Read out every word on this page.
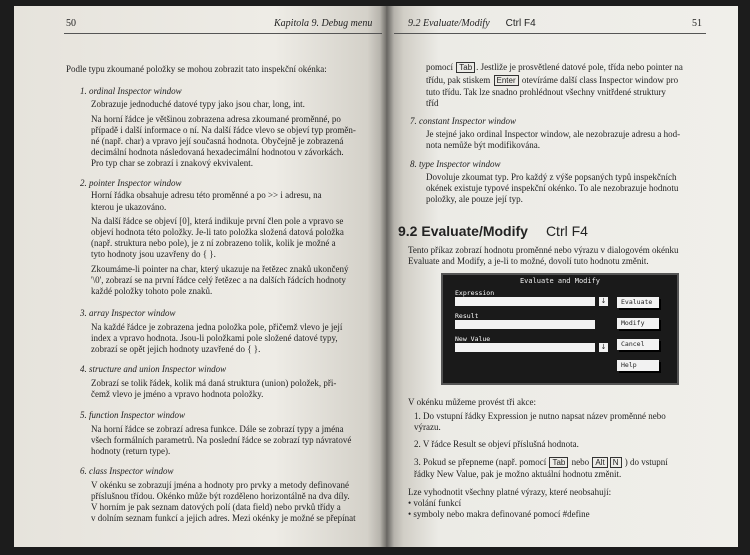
50	Kapitola 9. Debug menu
Podle typu zkoumané položky se mohou zobrazit tato inspekční okénka:
1. ordinal Inspector window
Zobrazuje jednoduché datové typy jako jsou char, long, int.
Na horní řádce je většinou zobrazena adresa zkoumané proměnné, po
případě i další informace o ní. Na další řádce vlevo se objeví typ proměn-
né (např. char) a vpravo její současná hodnota. Obyčejně je zobrazená
decimální hodnota následovaná hexadecimální hodnotou v závorkách.
Pro typ char se zobrazí i znakový ekvivalent.
2. pointer Inspector window
Horní řádka obsahuje adresu této proměnné a po >> i adresu, na
kterou je ukazováno.
Na další řádce se objeví [0], která indikuje první člen pole a vpravo se
objeví hodnota této položky. Je-li tato položka složená datová položka
(např. struktura nebo pole), je z ní zobrazeno tolik, kolik je možné a
tyto hodnoty jsou uzavřeny do { }.
Zkoumáme-li pointer na char, který ukazuje na řetězec znaků ukončený
'\0', zobrazí se na první řádce celý řetězec a na dalších řádcích hodnoty
každé položky tohoto pole znaků.
3. array Inspector window
Na každé řádce je zobrazena jedna položka pole, přičemž vlevo je její
index a vpravo hodnota. Jsou-li položkami pole složené datové typy,
zobrazí se opět jejich hodnoty uzavřené do { }.
4. structure and union Inspector window
Zobrazí se tolik řádek, kolik má daná struktura (union) položek, při-
čemž vlevo je jméno a vpravo hodnota položky.
5. function Inspector window
Na horní řádce se zobrazí adresa funkce. Dále se zobrazí typy a jména
všech formálních parametrů. Na poslední řádce se zobrazí typ návratové
hodnoty (return type).
6. class Inspector window
V okénku se zobrazují jména a hodnoty pro prvky a metody definované
příslušnou třídou. Okénko může být rozděleno horizontálně na dva díly.
V horním je pak seznam datových polí (data field) nebo prvků třídy a
v dolním seznam funkcí a jejich adres. Mezi okénky je možné se přepínat
9.2 Evaluate/Modify Ctrl F4	51
pomocí Tab . Jestliže je prosvětlené datové pole, třída nebo pointer na
třídu, pak stiskem Enter otevíráme další class Inspector window pro
tuto třídu. Tak lze snadno prohlédnout všechny vnitřdené struktury
tříd
7. constant Inspector window
Je stejné jako ordinal Inspector window, ale nezobrazuje adresu a hod-
nota nemůže být modifikována.
8. type Inspector window
Dovoluje zkoumat typ. Pro každý z výše popsaných typů inspekčních
okének existuje typové inspekční okénko. To ale nezobrazuje hodnotu
položky, ale pouze její typ.
9.2 Evaluate/Modify Ctrl F4
Tento příkaz zobrazí hodnotu proměnné nebo výrazu v dialogovém okénku
Evaluate and Modify, a je-li to možné, dovolí tuto hodnotu změnit.
Evaluate and Modify
Expression
↓
Result
New Value
↓
Evaluate
Modify
Cancel
Help
V okénku můžeme provést tři akce:
1. Do vstupní řádky Expression je nutno napsat název proměnné nebo
výrazu.
2. V řádce Result se objeví příslušná hodnota.
3. Pokud se přepneme (např. pomocí Tab nebo Alt N ) do vstupní
řádky New Value, pak je možno aktuální hodnotu změnit.
Lze vyhodnotit všechny platné výrazy, které neobsahují:
• volání funkcí
• symboly nebo makra definované pomocí #define
